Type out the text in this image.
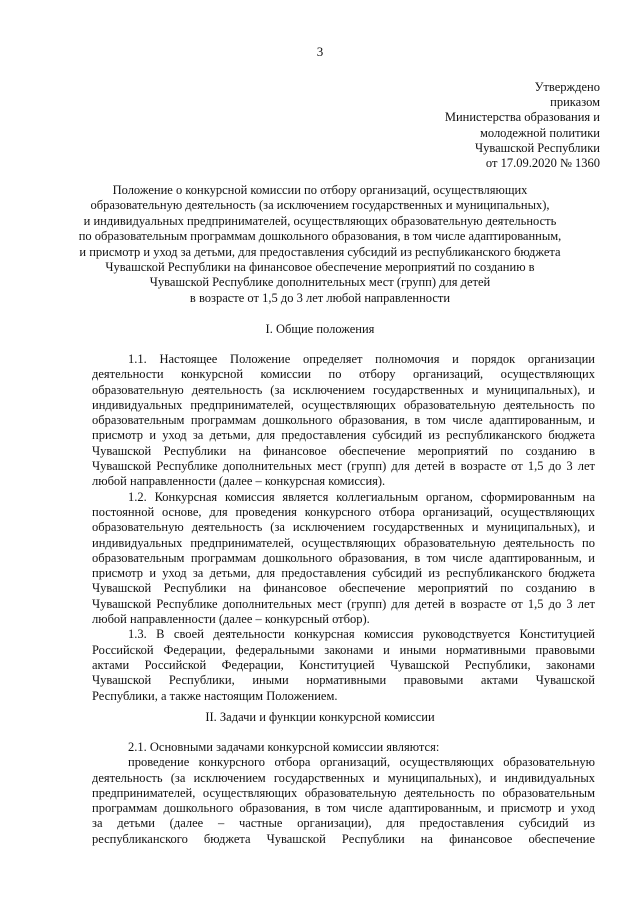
3
Утверждено
приказом
Министерства образования и
молодежной политики
Чувашской Республики
от 17.09.2020 № 1360
Положение о конкурсной комиссии по отбору организаций, осуществляющих
образовательную деятельность (за исключением государственных и муниципальных),
и индивидуальных предпринимателей, осуществляющих образовательную деятельность
по образовательным программам дошкольного образования, в том числе адаптированным,
и присмотр и уход за детьми, для предоставления субсидий из республиканского бюджета
Чувашской Республики на финансовое обеспечение мероприятий по созданию в
Чувашской Республике дополнительных мест (групп) для детей
в возрасте от 1,5 до 3 лет любой направленности
I. Общие положения
1.1. Настоящее Положение определяет полномочия и порядок организации
деятельности конкурсной комиссии по отбору организаций, осуществляющих
образовательную деятельность (за исключением государственных и муниципальных), и
индивидуальных предпринимателей, осуществляющих образовательную деятельность по
образовательным программам дошкольного образования, в том числе адаптированным, и
присмотр и уход за детьми, для предоставления субсидий из республиканского бюджета
Чувашской Республики на финансовое обеспечение мероприятий по созданию в
Чувашской Республике дополнительных мест (групп) для детей в возрасте от 1,5 до 3 лет
любой направленности (далее – конкурсная комиссия).
1.2. Конкурсная комиссия является коллегиальным органом, сформированным на
постоянной основе, для проведения конкурсного отбора организаций, осуществляющих
образовательную деятельность (за исключением государственных и муниципальных), и
индивидуальных предпринимателей, осуществляющих образовательную деятельность по
образовательным программам дошкольного образования, в том числе адаптированным, и
присмотр и уход за детьми, для предоставления субсидий из республиканского бюджета
Чувашской Республики на финансовое обеспечение мероприятий по созданию в
Чувашской Республике дополнительных мест (групп) для детей в возрасте от 1,5 до 3 лет
любой направленности (далее – конкурсный отбор).
1.3. В своей деятельности конкурсная комиссия руководствуется Конституцией
Российской Федерации, федеральными законами и иными нормативными правовыми
актами Российской Федерации, Конституцией Чувашской Республики, законами
Чувашской Республики, иными нормативными правовыми актами Чувашской
Республики, а также настоящим Положением.
II. Задачи и функции конкурсной комиссии
2.1. Основными задачами конкурсной комиссии являются:
проведение конкурсного отбора организаций, осуществляющих образовательную
деятельность (за исключением государственных и муниципальных), и индивидуальных
предпринимателей, осуществляющих образовательную деятельность по образовательным
программам дошкольного образования, в том числе адаптированным, и присмотр и уход
за детьми (далее – частные организации), для предоставления субсидий из
республиканского бюджета Чувашской Республики на финансовое обеспечение
